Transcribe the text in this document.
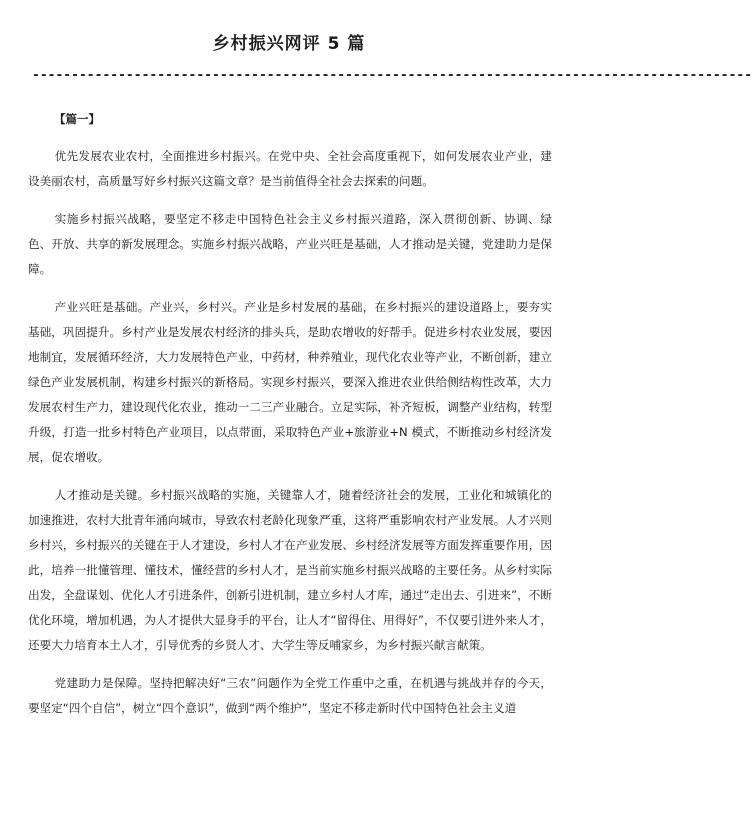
乡村振兴网评 5 篇
--------------------------------------------------------------------------------------------
【篇一】

优先发展农业农村，全面推进乡村振兴。在党中央、全社会高度重视下，如何发展农业产业，建设美丽农村，高质量写好乡村振兴这篇文章？是当前值得全社会去探索的问题。

实施乡村振兴战略，要坚定不移走中国特色社会主义乡村振兴道路，深入贯彻创新、协调、绿色、开放、共享的新发展理念。实施乡村振兴战略，产业兴旺是基础，人才推动是关键，党建助力是保障。

产业兴旺是基础。产业兴，乡村兴。产业是乡村发展的基础，在乡村振兴的建设道路上，要夯实基础，巩固提升。乡村产业是发展农村经济的排头兵，是助农增收的好帮手。促进乡村农业发展，要因地制宜，发展循环经济，大力发展特色产业，中药材，种养殖业，现代化农业等产业，不断创新，建立绿色产业发展机制，构建乡村振兴的新格局。实现乡村振兴，要深入推进农业供给侧结构性改革，大力发展农村生产力，建设现代化农业，推动一二三产业融合。立足实际，补齐短板，调整产业结构，转型升级，打造一批乡村特色产业项目，以点带面，采取特色产业+旅游业+N 模式，不断推动乡村经济发展，促农增收。

人才推动是关键。乡村振兴战略的实施，关键靠人才，随着经济社会的发展，工业化和城镇化的加速推进，农村大批青年涌向城市，导致农村老龄化现象严重，这将严重影响农村产业发展。人才兴则乡村兴，乡村振兴的关键在于人才建设，乡村人才在产业发展、乡村经济发展等方面发挥重要作用，因此，培养一批懂管理、懂技术，懂经营的乡村人才，是当前实施乡村振兴战略的主要任务。从乡村实际出发，全盘谋划、优化人才引进条件，创新引进机制，建立乡村人才库，通过“走出去、引进来”，不断优化环境，增加机遇，为人才提供大显身手的平台，让人才“留得住、用得好”，不仅要引进外来人才，还要大力培育本土人才，引导优秀的乡贤人才、大学生等反哺家乡，为乡村振兴献言献策。

党建助力是保障。坚持把解决好“三农”问题作为全党工作重中之重，在机遇与挑战并存的今天，要坚定“四个自信”，树立“四个意识”，做到“两个维护”，坚定不移走新时代中国特色社会主义道
